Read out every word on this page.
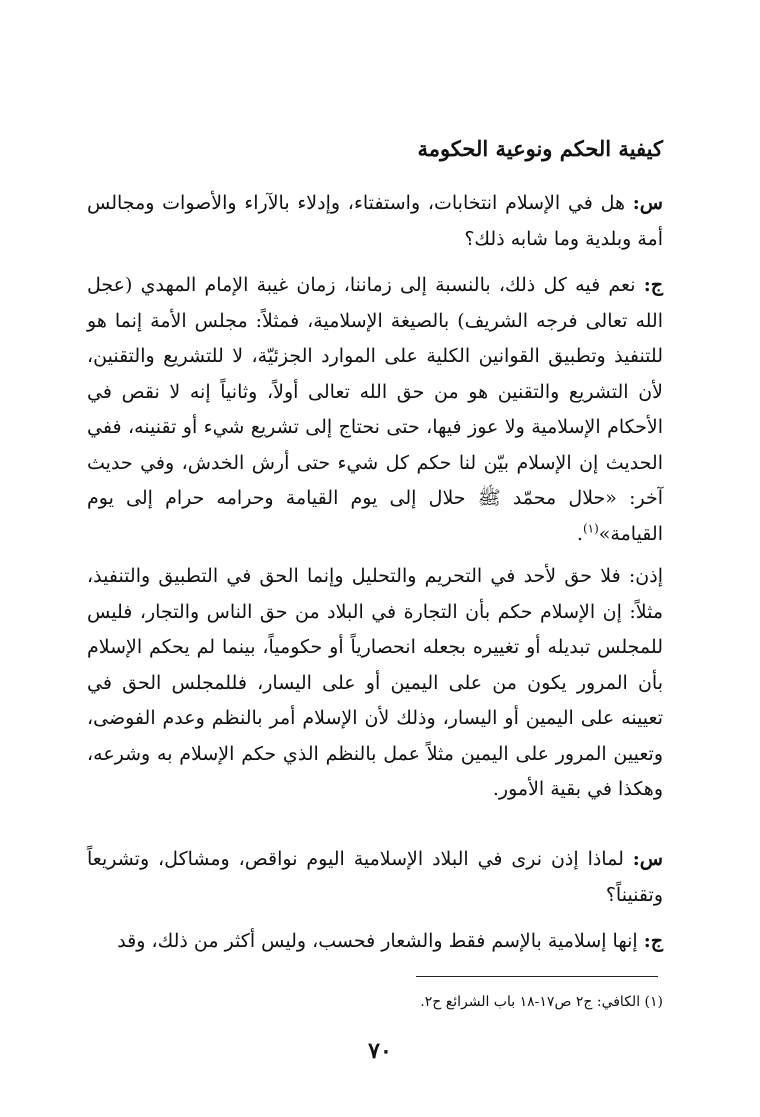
كيفية الحكم ونوعية الحكومة

س: هل في الإسلام انتخابات، واستفتاء، وإدلاء بالآراء والأصوات ومجالس أمة وبلدية وما شابه ذلك؟

ج: نعم فيه كل ذلك، بالنسبة إلى زماننا، زمان غيبة الإمام المهدي (عجل الله تعالى فرجه الشريف) بالصيغة الإسلامية، فمثلاً: مجلس الأمة إنما هو للتنفيذ وتطبيق القوانين الكلية على الموارد الجزئيّة، لا للتشريع والتقنين، لأن التشريع والتقنين هو من حق الله تعالى أولاً، وثانياً إنه لا نقص في الأحكام الإسلامية ولا عوز فيها، حتى نحتاج إلى تشريع شيء أو تقنينه، ففي الحديث إن الإسلام بيّن لنا حكم كل شيء حتى أرش الخدش، وفي حديث آخر: «حلال محمّد ﷺ حلال إلى يوم القيامة وحرامه حرام إلى يوم القيامة»$^{(١)}$.

إذن: فلا حق لأحد في التحريم والتحليل وإنما الحق في التطبيق والتنفيذ، مثلاً: إن الإسلام حكم بأن التجارة في البلاد من حق الناس والتجار، فليس للمجلس تبديله أو تغييره بجعله انحصارياً أو حكومياً، بينما لم يحكم الإسلام بأن المرور يكون من على اليمين أو على اليسار، فللمجلس الحق في تعيينه على اليمين أو اليسار، وذلك لأن الإسلام أمر بالنظم وعدم الفوضى، وتعيين المرور على اليمين مثلاً عمل بالنظم الذي حكم الإسلام به وشرعه، وهكذا في بقية الأمور.

س: لماذا إذن نرى في البلاد الإسلامية اليوم نواقص، ومشاكل، وتشريعاً وتقنيناً؟

ج: إنها إسلامية بالإسم فقط والشعار فحسب، وليس أكثر من ذلك، وقد

(١) الكافي: ج٢ ص١٧-١٨ باب الشرائع ح٢.
٧٠
